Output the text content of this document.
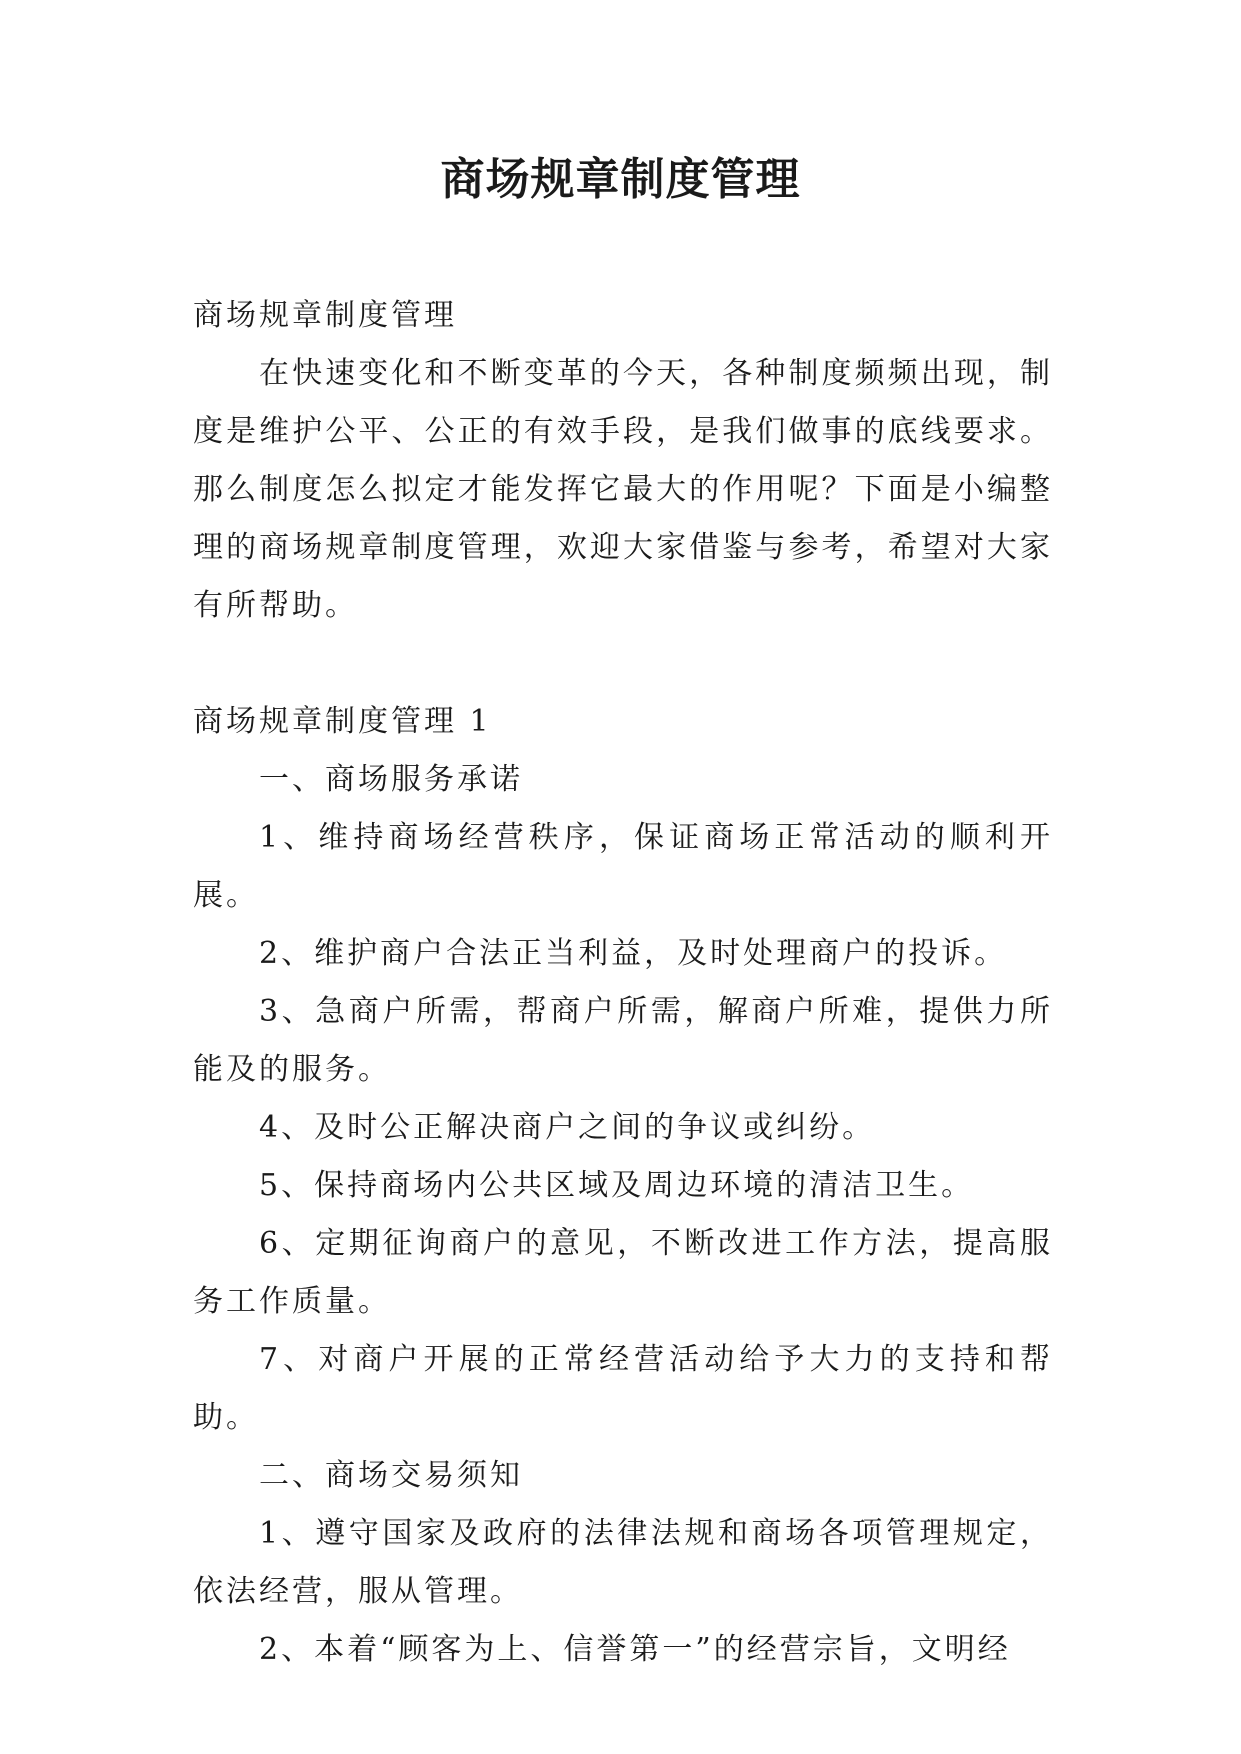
商场规章制度管理

商场规章制度管理

在快速变化和不断变革的今天，各种制度频频出现，制度是维护公平、公正的有效手段，是我们做事的底线要求。那么制度怎么拟定才能发挥它最大的作用呢？下面是小编整理的商场规章制度管理，欢迎大家借鉴与参考，希望对大家有所帮助。

商场规章制度管理 1

一、商场服务承诺

1、维持商场经营秩序，保证商场正常活动的顺利开展。

2、维护商户合法正当利益，及时处理商户的投诉。

3、急商户所需，帮商户所需，解商户所难，提供力所能及的服务。

4、及时公正解决商户之间的争议或纠纷。

5、保持商场内公共区域及周边环境的清洁卫生。

6、定期征询商户的意见，不断改进工作方法，提高服务工作质量。

7、对商户开展的正常经营活动给予大力的支持和帮助。

二、商场交易须知

1、遵守国家及政府的法律法规和商场各项管理规定，依法经营，服从管理。

2、本着“顾客为上、信誉第一”的经营宗旨，文明经
